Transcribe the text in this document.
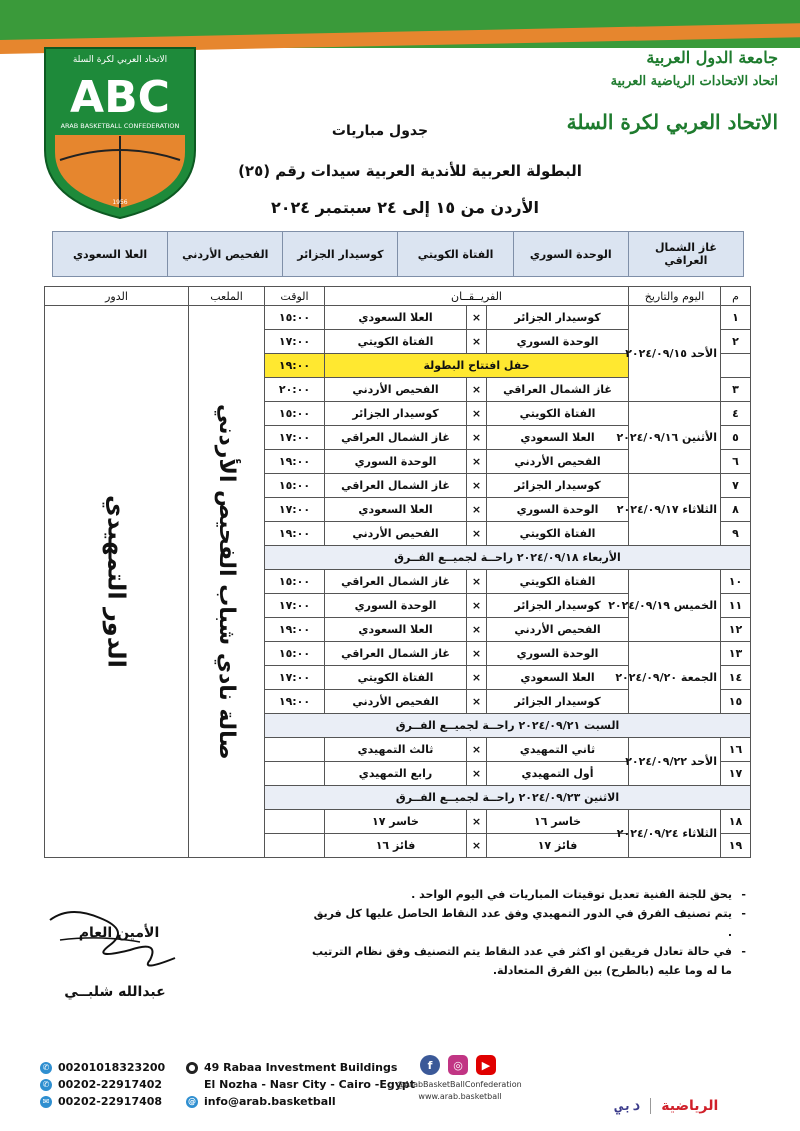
الاتحاد العربي لكرة السلة
ABC
ARAB BASKETBALL CONFEDERATION
1956
جامعة الدول العربية
اتحاد الاتحادات الرياضية العربية
الاتحاد العربي لكرة السلة
جدول مباريات
البطولة العربية للأندية العربية سيدات رقم (٢٥)
الأردن من ١٥ إلى ٢٤ سبتمبر ٢٠٢٤
غاز الشمال العراقي
الوحدة السوري
الفتاة الكويتي
كوسيدار الجزائر
الفحيص الأردني
العلا السعودي
م	اليوم والتاريخ	الفريــقــان			الوقت	الملعب	الدور
١	الأحد ٢٠٢٤/٠٩/١٥	كوسيدار الجزائر	×	العلا السعودي	١٥:٠٠	صالة نادي شباب الفحيص الأردني	الدور التمهيدي

٢		الوحدة السوري	×	الفتاة الكويتي	١٧:٠٠		
		حفل افتتاح البطولة			١٩:٠٠		
٣		غاز الشمال العراقي	×	الفحيص الأردني	٢٠:٠٠		
٤	الأثنين ٢٠٢٤/٠٩/١٦	الفتاة الكويتي	×	كوسيدار الجزائر	١٥:٠٠		
٥		العلا السعودي	×	غاز الشمال العراقي	١٧:٠٠		
٦		الفحيص الأردني	×	الوحدة السوري	١٩:٠٠		
٧	الثلاثاء ٢٠٢٤/٠٩/١٧	كوسيدار الجزائر	×	غاز الشمال العراقي	١٥:٠٠		
٨		الوحدة السوري	×	العلا السعودي	١٧:٠٠		
٩		الفتاة الكويتي	×	الفحيص الأردني	١٩:٠٠		
الأربعاء ٢٠٢٤/٠٩/١٨ راحــة لجميــع الفــرق							
١٠	الخميس ٢٠٢٤/٠٩/١٩	الفتاة الكويتي	×	غاز الشمال العراقي	١٥:٠٠		
١١		كوسيدار الجزائر	×	الوحدة السوري	١٧:٠٠		
١٢		الفحيص الأردني	×	العلا السعودي	١٩:٠٠		
١٣	الجمعة ٢٠٢٤/٠٩/٢٠	الوحدة السوري	×	غاز الشمال العراقي	١٥:٠٠		
١٤		العلا السعودي	×	الفتاة الكويتي	١٧:٠٠		
١٥		كوسيدار الجزائر	×	الفحيص الأردني	١٩:٠٠		
السبت ٢٠٢٤/٠٩/٢١ راحــة لجميــع الفــرق							
١٦	الأحد ٢٠٢٤/٠٩/٢٢	ثاني التمهيدي	×	ثالث التمهيدي			
١٧		أول التمهيدي	×	رابع التمهيدي			
الاثنين ٢٠٢٤/٠٩/٢٣ راحــة لجميــع الفــرق							
١٨	الثلاثاء ٢٠٢٤/٠٩/٢٤	خاسر ١٦	×	خاسر ١٧			
١٩		فائز ١٧	×	فائز ١٦			
- يحق للجنة الفنية تعديل توقيتات المباريات في اليوم الواحد .
- يتم تصنيف الفرق في الدور التمهيدي وفق عدد النقاط الحاصل عليها كل فريق .
- في حالة تعادل فريقين او اكثر في عدد النقاط يتم التصنيف وفق نظام الترتيب ما له وما عليه (بالطرح) بين الفرق المتعادلة.
الأمين العام
عبدالله شلبــي
✆ 00201018323200
✆ 00202-22917402
✉ 00202-22917408
● 49 Rabaa Investment Buildings
El Nozha - Nasr City - Cairo -Egypt
@ info@arab.basketball
f	◎	▶
@ArabBasketBallConfederation
www.arab.basketball
الرياضية
دبي
